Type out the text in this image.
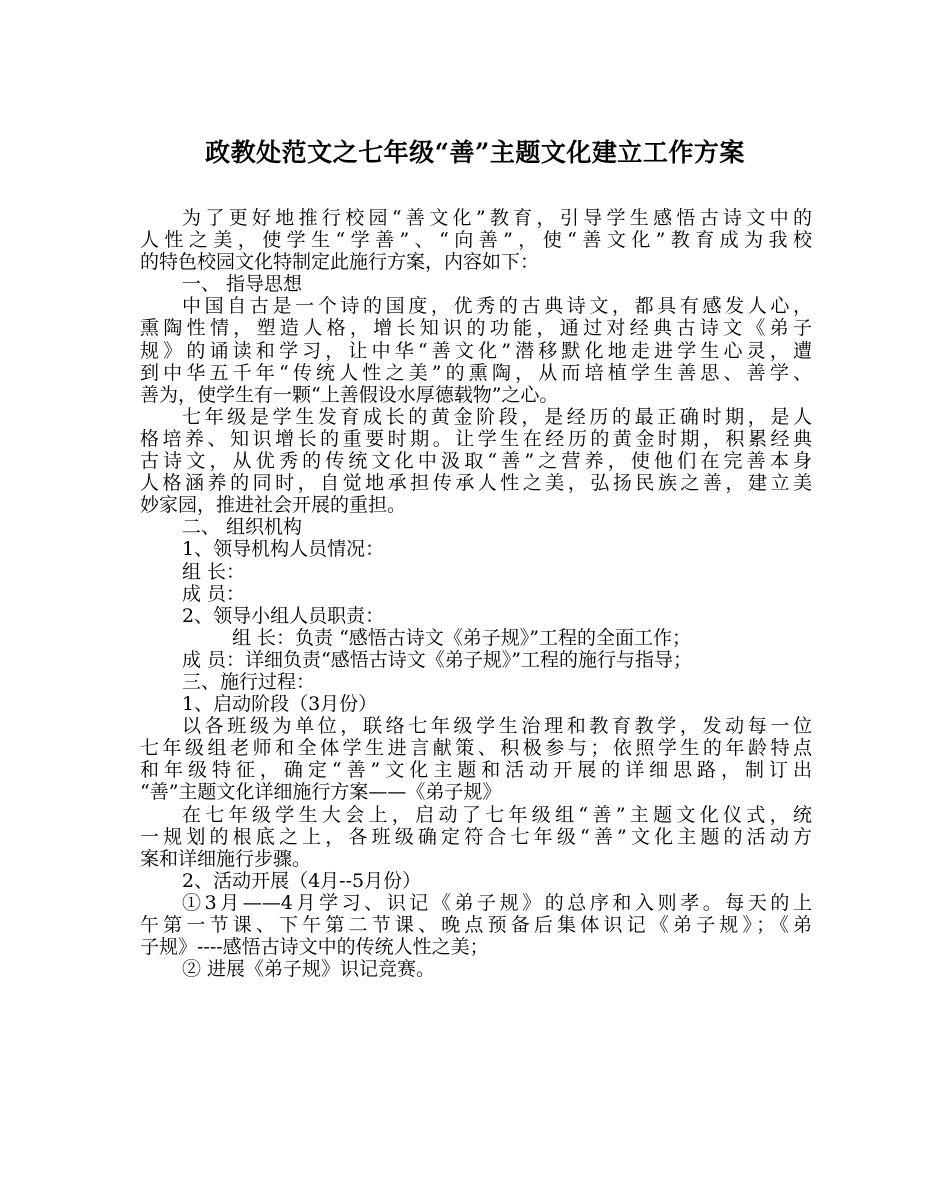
政教处范文之七年级“善”主题文化建立工作方案
为了更好地推行校园“善文化”教育，引导学生感悟古诗文中的
人性之美，使学生“学善”、“向善”，使“善文化”教育成为我校
的特色校园文化特制定此施行方案，内容如下：
一、 指导思想
中国自古是一个诗的国度，优秀的古典诗文，都具有感发人心，
熏陶性情，塑造人格，增长知识的功能，通过对经典古诗文《弟子
规》的诵读和学习，让中华“善文化”潜移默化地走进学生心灵，遭
到中华五千年“传统人性之美”的熏陶，从而培植学生善思、善学、
善为，使学生有一颗“上善假设水厚德载物”之心。
七年级是学生发育成长的黄金阶段，是经历的最正确时期，是人
格培养、知识增长的重要时期。让学生在经历的黄金时期，积累经典
古诗文，从优秀的传统文化中汲取“善”之营养，使他们在完善本身
人格涵养的同时，自觉地承担传承人性之美，弘扬民族之善，建立美
妙家园，推进社会开展的重担。
二、 组织机构
1、领导机构人员情况：
组 长：
成 员：
2、领导小组人员职责：
组 长：负责 “感悟古诗文《弟子规》”工程的全面工作；
成 员：详细负责“感悟古诗文《弟子规》”工程的施行与指导；
三、施行过程：
1、启动阶段（3月份）
以各班级为单位，联络七年级学生治理和教育教学，发动每一位
七年级组老师和全体学生进言献策、积极参与；依照学生的年龄特点
和年级特征，确定“善”文化主题和活动开展的详细思路，制订出
“善”主题文化详细施行方案——《弟子规》
在七年级学生大会上，启动了七年级组“善”主题文化仪式，统
一规划的根底之上，各班级确定符合七年级“善”文化主题的活动方
案和详细施行步骤。
2、活动开展（4月--5月份）
①3月——4月学习、识记《弟子规》的总序和入则孝。每天的上
午第一节课、下午第二节课、晚点预备后集体识记《弟子规》；《弟
子规》----感悟古诗文中的传统人性之美；
② 进展《弟子规》识记竞赛。
